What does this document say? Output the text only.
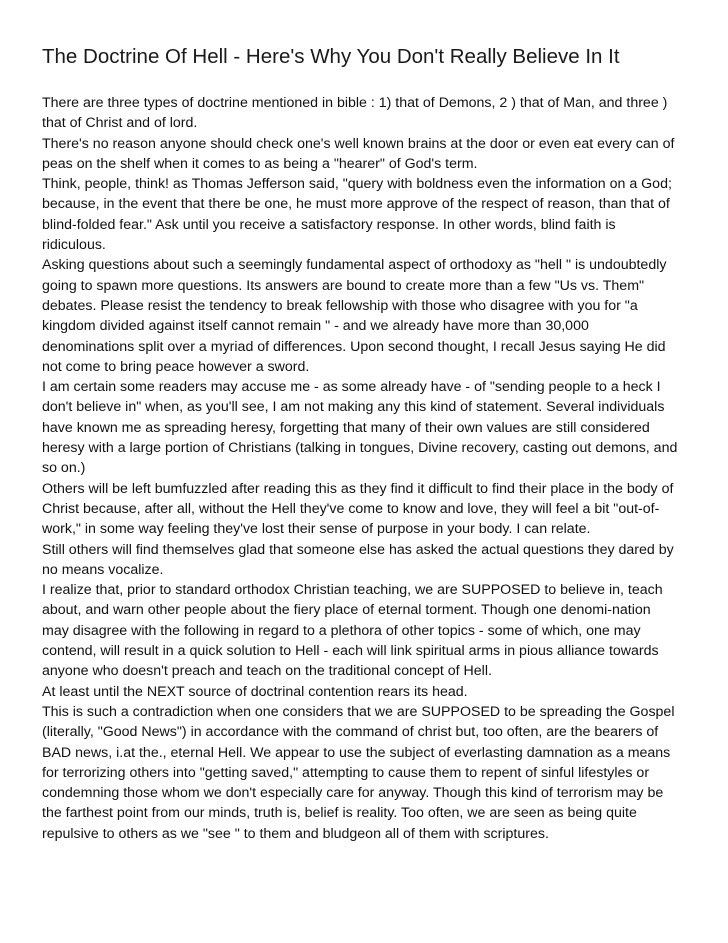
The Doctrine Of Hell - Here's Why You Don't Really Believe In It

There are three types of doctrine mentioned in bible : 1) that of Demons, 2 ) that of Man, and three )
that of Christ and of lord.

There's no reason anyone should check one's well known brains at the door or even eat every can of
peas on the shelf when it comes to as being a "hearer" of God's term.

Think, people, think! as Thomas Jefferson said, "query with boldness even the information on a God;
because, in the event that there be one, he must more approve of the respect of reason, than that of
blind-folded fear." Ask until you receive a satisfactory response. In other words, blind faith is
ridiculous.

Asking questions about such a seemingly fundamental aspect of orthodoxy as "hell " is undoubtedly
going to spawn more questions. Its answers are bound to create more than a few "Us vs. Them"
debates. Please resist the tendency to break fellowship with those who disagree with you for "a
kingdom divided against itself cannot remain " - and we already have more than 30,000
denominations split over a myriad of differences. Upon second thought, I recall Jesus saying He did
not come to bring peace however a sword.

I am certain some readers may accuse me - as some already have - of "sending people to a heck I
don't believe in" when, as you'll see, I am not making any this kind of statement. Several individuals
have known me as spreading heresy, forgetting that many of their own values are still considered
heresy with a large portion of Christians (talking in tongues, Divine recovery, casting out demons, and
so on.)

Others will be left bumfuzzled after reading this as they find it difficult to find their place in the body of
Christ because, after all, without the Hell they've come to know and love, they will feel a bit "out-of-
work," in some way feeling they've lost their sense of purpose in your body. I can relate.

Still others will find themselves glad that someone else has asked the actual questions they dared by
no means vocalize.

I realize that, prior to standard orthodox Christian teaching, we are SUPPOSED to believe in, teach
about, and warn other people about the fiery place of eternal torment. Though one denomi-nation
may disagree with the following in regard to a plethora of other topics - some of which, one may
contend, will result in a quick solution to Hell - each will link spiritual arms in pious alliance towards
anyone who doesn't preach and teach on the traditional concept of Hell.

At least until the NEXT source of doctrinal contention rears its head.

This is such a contradiction when one considers that we are SUPPOSED to be spreading the Gospel
(literally, "Good News") in accordance with the command of christ but, too often, are the bearers of
BAD news, i.at the., eternal Hell. We appear to use the subject of everlasting damnation as a means
for terrorizing others into "getting saved," attempting to cause them to repent of sinful lifestyles or
condemning those whom we don't especially care for anyway. Though this kind of terrorism may be
the farthest point from our minds, truth is, belief is reality. Too often, we are seen as being quite
repulsive to others as we "see " to them and bludgeon all of them with scriptures.
